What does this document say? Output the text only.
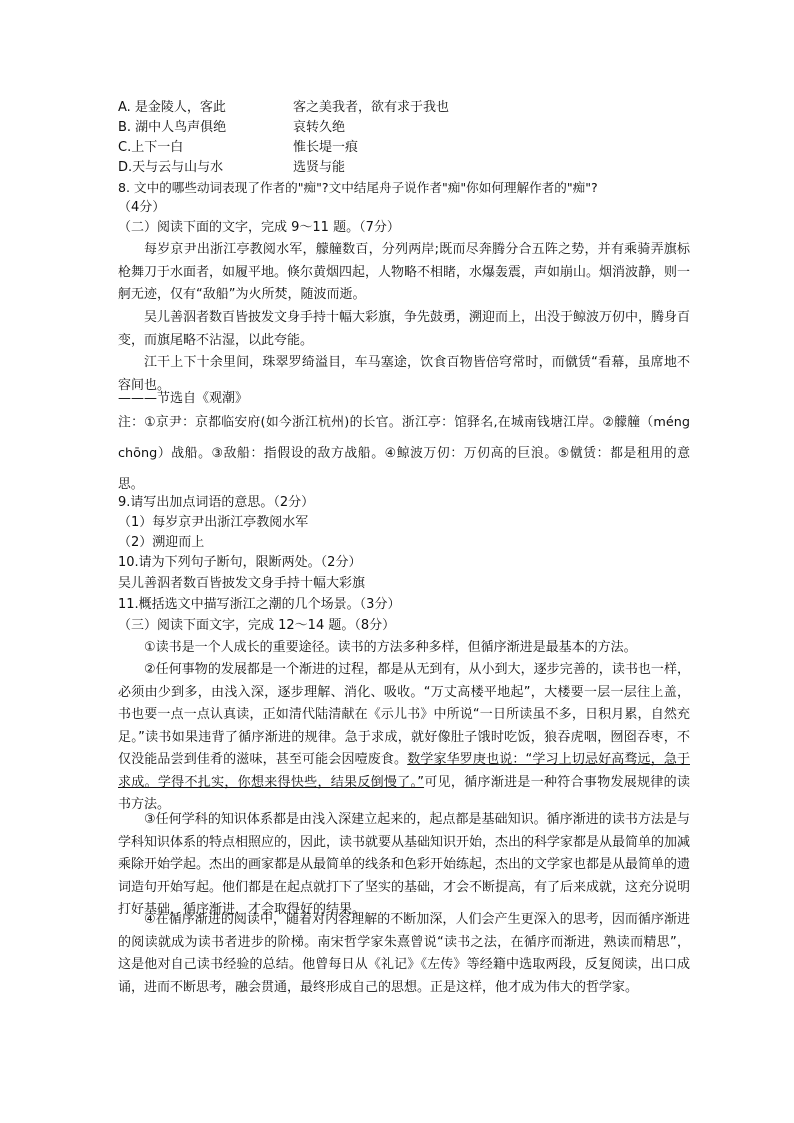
A. 是金陵人，客此	客之美我者，欲有求于我也
B. 湖中人鸟声俱绝	哀转久绝
C.上下一白	惟长堤一痕
D.天与云与山与水	选贤与能
8. 文中的哪些动词表现了作者的"痴"?文中结尾舟子说作者"痴"你如何理解作者的"痴"?
（4分）
（二）阅读下面的文字，完成 9～11 题。（7分）
每岁京尹出浙江亭教阅水军，艨艟数百，分列两岸;既而尽奔腾分合五阵之势，并有乘骑弄旗标枪舞刀于水面者，如履平地。倏尔黄烟四起，人物略不相睹，水爆轰震，声如崩山。烟消波静，则一舸无迹，仅有“敌船”为火所焚，随波而逝。
吴儿善泅者数百皆披发文身手持十幅大彩旗，争先鼓勇，溯迎而上，出没于鲸波万仞中，腾身百变，而旗尾略不沾湿，以此夸能。
江干上下十余里间，珠翠罗绮溢目，车马塞途，饮食百物皆倍穹常时，而僦赁“看幕，虽席地不容间也。
———节选自《观潮》
注：①京尹：京都临安府(如今浙江杭州)的长官。浙江亭：馆驿名,在城南钱塘江岸。②艨艟（méng chōng）战船。③敌船：指假设的敌方战船。④鲸波万仞：万仞高的巨浪。⑤僦赁：都是租用的意思。
9.请写出加点词语的意思。（2分）
（1）每岁京尹出浙江亭教阅水军
（2）溯迎而上
10.请为下列句子断句，限断两处。（2分）
吴儿善泅者数百皆披发文身手持十幅大彩旗
11.概括选文中描写浙江之潮的几个场景。（3分）
（三）阅读下面文字，完成 12～14 题。（8分）
①读书是一个人成长的重要途径。读书的方法多种多样，但循序渐进是最基本的方法。
②任何事物的发展都是一个渐进的过程，都是从无到有，从小到大，逐步完善的，读书也一样，必须由少到多，由浅入深，逐步理解、消化、吸收。“万丈高楼平地起”，大楼要一层一层往上盖，书也要一点一点认真读，正如清代陆清献在《示儿书》中所说“一日所读虽不多，日积月累，自然充足。”读书如果违背了循序渐进的规律。急于求成，就好像肚子饿时吃饭，狼吞虎咽，囫囵吞枣，不仅没能品尝到佳肴的滋味，甚至可能会因噎废食。数学家华罗庚也说：“学习上切忌好高骛远，急于求成。学得不扎实，你想来得快些，结果反倒慢了。”可见，循序渐进是一种符合事物发展规律的读书方法。
③任何学科的知识体系都是由浅入深建立起来的，起点都是基础知识。循序渐进的读书方法是与学科知识体系的特点相照应的，因此，读书就要从基础知识开始，杰出的科学家都是从最简单的加减乘除开始学起。杰出的画家都是从最简单的线条和色彩开始练起，杰出的文学家也都是从最简单的遗词造句开始写起。他们都是在起点就打下了坚实的基础，才会不断提高，有了后来成就，这充分说明打好基础，循序渐进，才会取得好的结果。
④在循序渐进的阅读中，随着对内容理解的不断加深，人们会产生更深入的思考，因而循序渐进的阅读就成为读书者进步的阶梯。南宋哲学家朱熹曾说“读书之法，在循序而渐进，熟读而精思”，这是他对自己读书经验的总结。他曾每日从《礼记》《左传》等经籍中选取两段，反复阅读，出口成诵，进而不断思考，融会贯通，最终形成自己的思想。正是这样，他才成为伟大的哲学家。
